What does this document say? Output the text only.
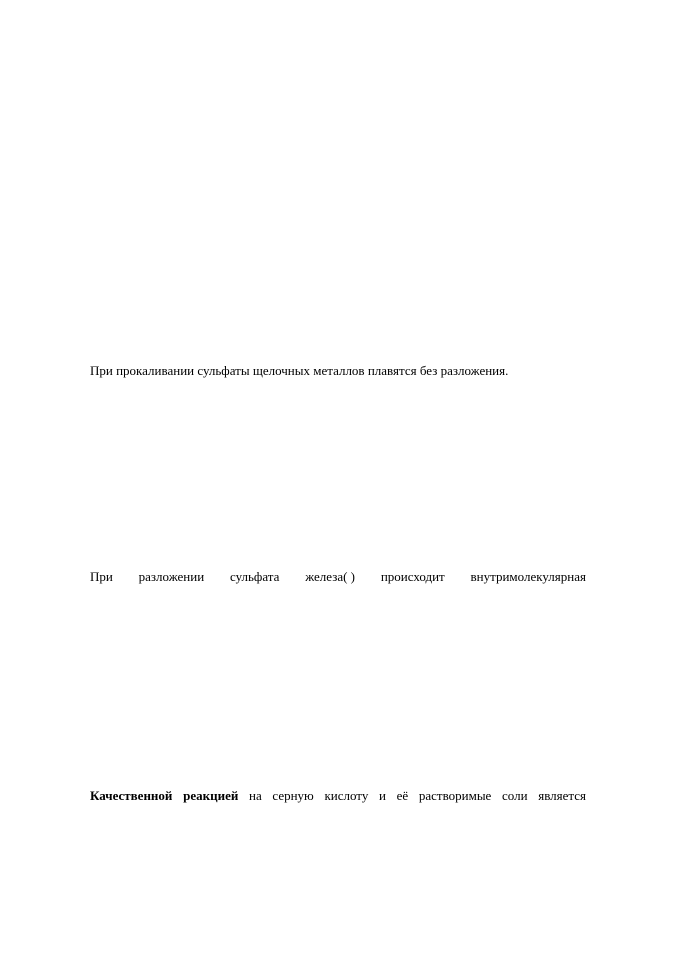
При прокаливании сульфаты щелочных металлов плавятся без разложения.
При разложении сульфата железа( ) происходит внутримолекулярная
Качественной реакцией на серную кислоту и её растворимые соли является
